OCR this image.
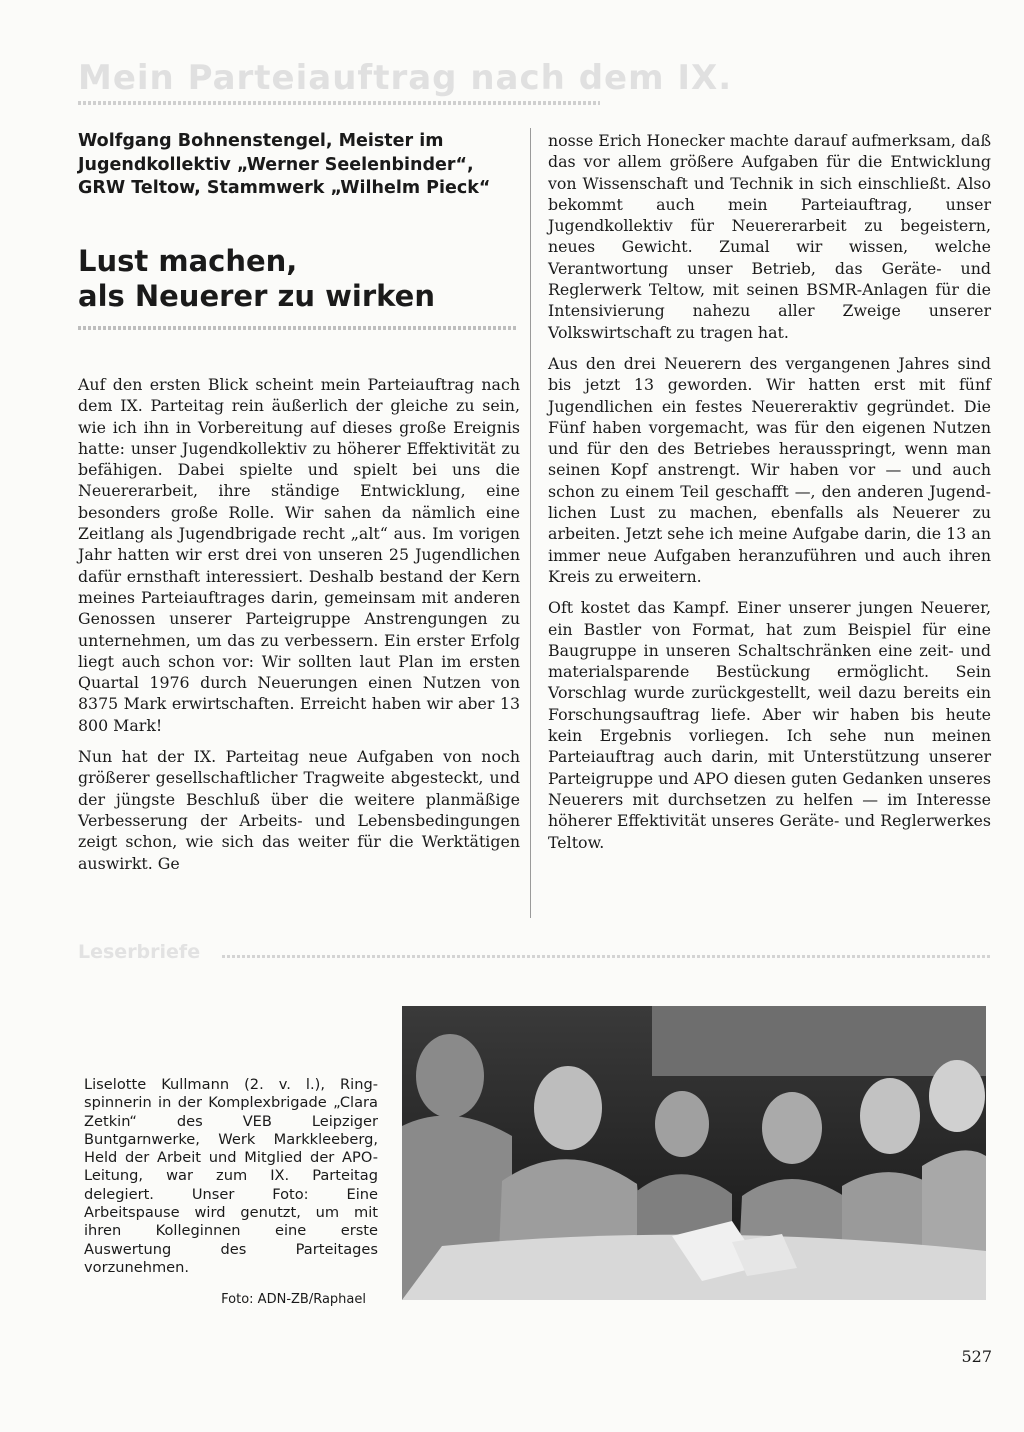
Mein Parteiauftrag nach dem IX.
Wolfgang Bohnenstengel, Meister im
Jugendkollektiv „Werner Seelenbinder“,
GRW Teltow, Stammwerk „Wilhelm Pieck“
Lust machen,
als Neuerer zu wirken

Auf den ersten Blick scheint mein Parteiauftrag nach dem IX. Parteitag rein äußerlich der gleiche zu sein, wie ich ihn in Vorbereitung auf dieses große Ereignis hatte: unser Jugendkollektiv zu höherer Effektivität zu befähigen. Dabei spielte und spielt bei uns die Neuererarbeit, ihre ständige Entwicklung, eine besonders große Rolle. Wir sahen da nämlich eine Zeitlang als Jugendbrigade recht „alt“ aus. Im vorigen Jahr hatten wir erst drei von unseren 25 Jugendlichen dafür ernsthaft interessiert. Deshalb bestand der Kern meines Parteiauftrages darin, gemeinsam mit anderen Genossen unserer Parteigruppe Anstrengungen zu unternehmen, um das zu verbessern. Ein erster Erfolg liegt auch schon vor: Wir sollten laut Plan im ersten Quartal 1976 durch Neuerungen einen Nutzen von 8375 Mark erwirtschaften. Erreicht haben wir aber 13 800 Mark!

Nun hat der IX. Parteitag neue Aufgaben von noch größerer gesellschaftlicher Tragweite abgesteckt, und der jüngste Beschluß über die weitere planmäßige Verbesserung der Arbeits- und Lebensbedingungen zeigt schon, wie sich das weiter für die Werktätigen auswirkt. Ge

nosse Erich Honecker machte darauf aufmerksam, daß das vor allem größere Aufgaben für die Entwicklung von Wissenschaft und Technik in sich einschließt. Also bekommt auch mein Parteiauftrag, unser Jugendkollektiv für Neuererarbeit zu begeistern, neues Gewicht. Zumal wir wissen, welche Verantwortung unser Betrieb, das Geräte- und Reglerwerk Teltow, mit seinen BSMR-Anlagen für die Intensivierung nahezu aller Zweige unserer Volkswirtschaft zu tragen hat.

Aus den drei Neuerern des vergangenen Jahres sind bis jetzt 13 geworden. Wir hatten erst mit fünf Jugendlichen ein festes Neuereraktiv gegründet. Die Fünf haben vorgemacht, was für den eigenen Nutzen und für den des Betriebes herausspringt, wenn man seinen Kopf anstrengt. Wir haben vor — und auch schon zu einem Teil geschafft —, den anderen Jugendlichen Lust zu machen, ebenfalls als Neuerer zu arbeiten. Jetzt sehe ich meine Aufgabe darin, die 13 an immer neue Aufgaben heranzuführen und auch ihren Kreis zu erweitern.

Oft kostet das Kampf. Einer unserer jungen Neuerer, ein Bastler von Format, hat zum Beispiel für eine Baugruppe in unseren Schaltschränken eine zeit- und materialsparende Bestückung ermöglicht. Sein Vorschlag wurde zurückgestellt, weil dazu bereits ein Forschungsauftrag liefe. Aber wir haben bis heute kein Ergebnis vorliegen. Ich sehe nun meinen Parteiauftrag auch darin, mit Unterstützung unserer Parteigruppe und APO diesen guten Gedanken unseres Neuerers mit durchsetzen zu helfen — im Interesse höherer Effektivität unseres Geräte- und Reglerwerkes Teltow.

Leserbriefe
Liselotte Kullmann (2. v. l.), Ringspinnerin in der Komplexbrigade „Clara Zetkin“ des VEB Leipziger Buntgarnwerke, Werk Markkleeberg, Held der Arbeit und Mitglied der APO-Leitung, war zum IX. Parteitag delegiert. Unser Foto: Eine Arbeitspause wird genutzt, um mit ihren Kolleginnen eine erste Auswertung des Parteitages vorzunehmen.
Foto: ADN-ZB/Raphael
527
